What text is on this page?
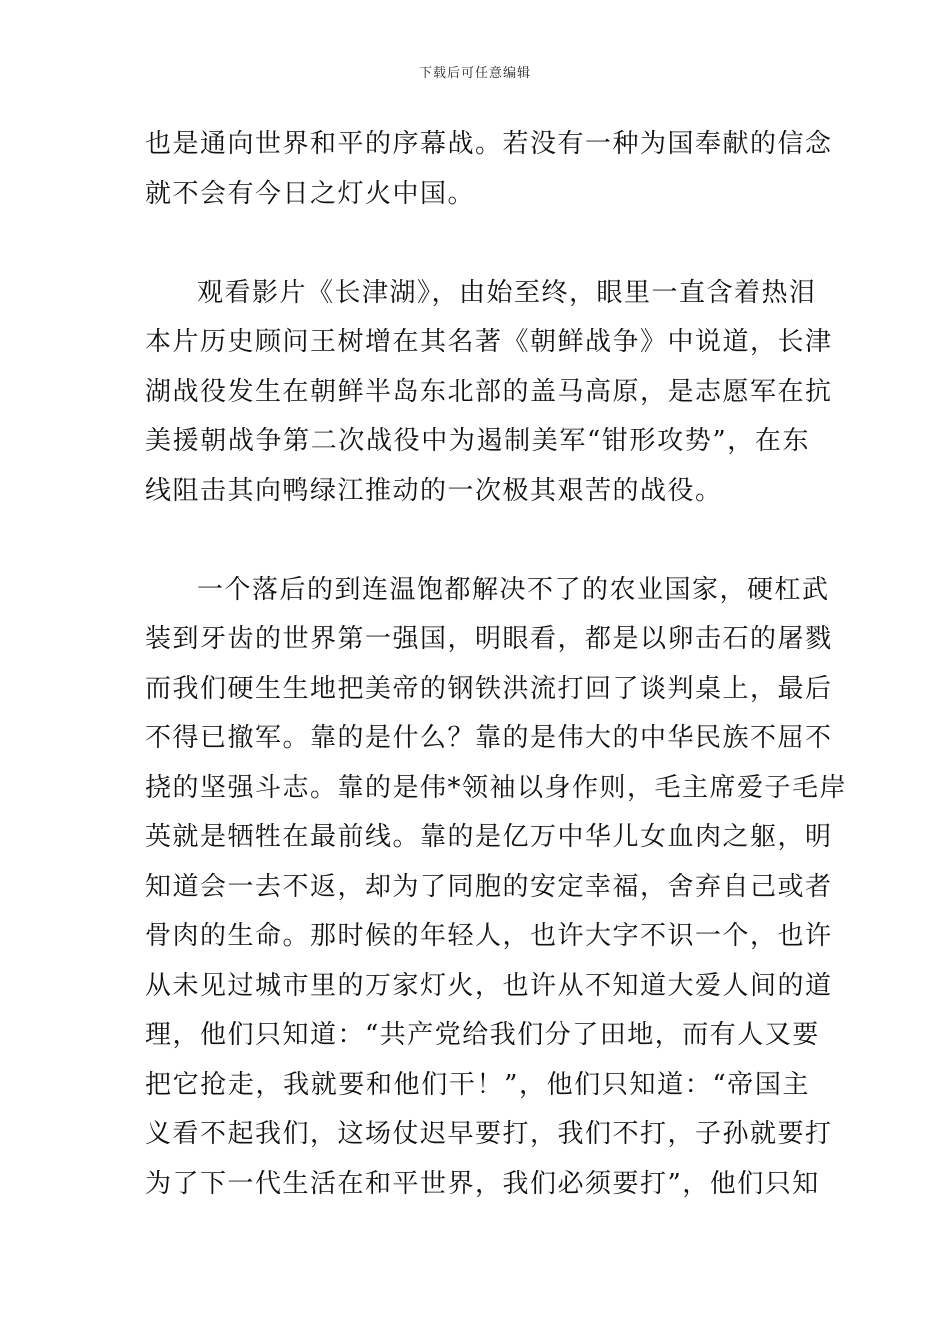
下载后可任意编辑
也是通向世界和平的序幕战。若没有一种为国奉献的信念
就不会有今日之灯火中国。
观看影片《长津湖》，由始至终，眼里一直含着热泪
本片历史顾问王树增在其名著《朝鲜战争》中说道，长津
湖战役发生在朝鲜半岛东北部的盖马高原，是志愿军在抗
美援朝战争第二次战役中为遏制美军“钳形攻势”，在东
线阻击其向鸭绿江推动的一次极其艰苦的战役。
一个落后的到连温饱都解决不了的农业国家，硬杠武
装到牙齿的世界第一强国，明眼看，都是以卵击石的屠戮
而我们硬生生地把美帝的钢铁洪流打回了谈判桌上，最后
不得已撤军。靠的是什么？靠的是伟大的中华民族不屈不
挠的坚强斗志。靠的是伟*领袖以身作则，毛主席爱子毛岸
英就是牺牲在最前线。靠的是亿万中华儿女血肉之躯，明
知道会一去不返，却为了同胞的安定幸福，舍弃自己或者
骨肉的生命。那时候的年轻人，也许大字不识一个，也许
从未见过城市里的万家灯火，也许从不知道大爱人间的道
理，他们只知道：“共产党给我们分了田地，而有人又要
把它抢走，我就要和他们干！”，他们只知道：“帝国主
义看不起我们，这场仗迟早要打，我们不打，子孙就要打
为了下一代生活在和平世界，我们必须要打”，他们只知
